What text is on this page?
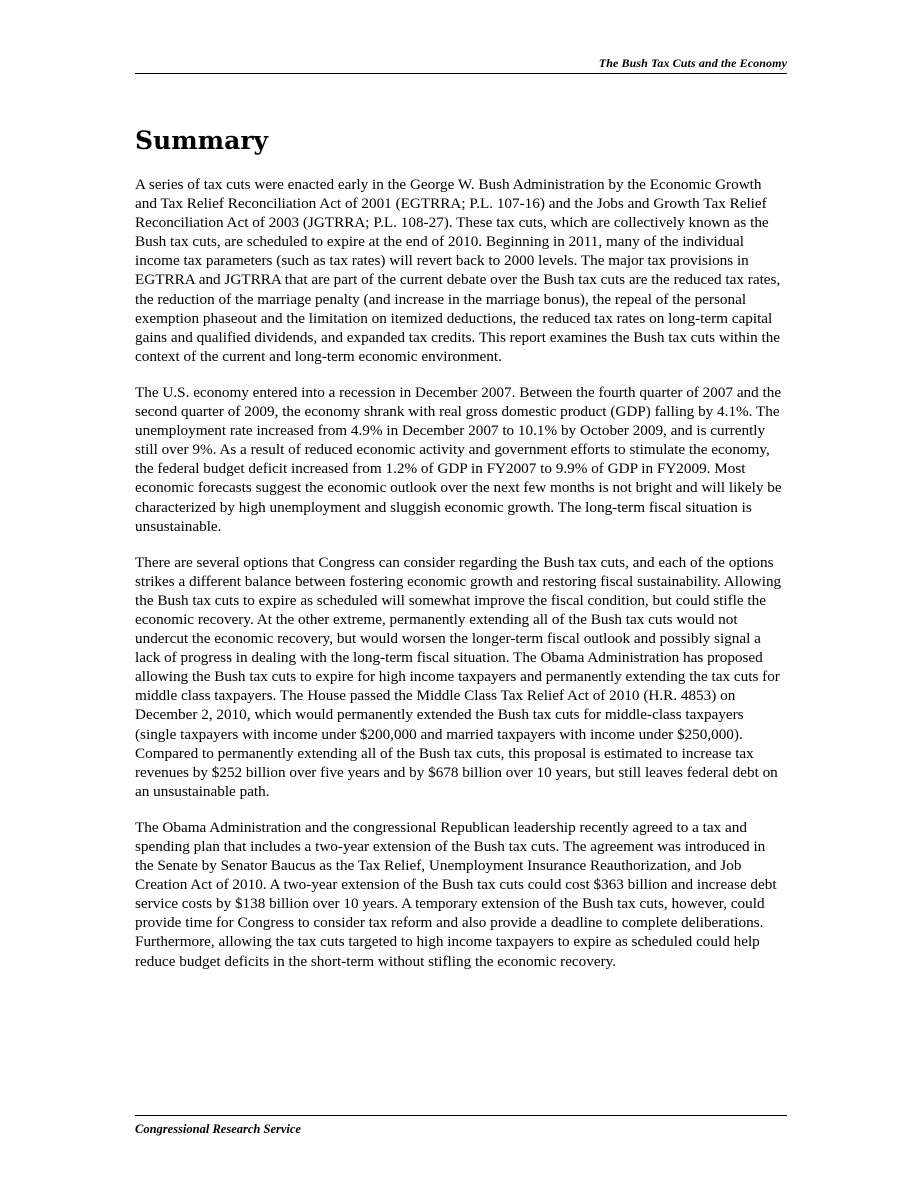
The Bush Tax Cuts and the Economy
Summary

A series of tax cuts were enacted early in the George W. Bush Administration by the Economic Growth and Tax Relief Reconciliation Act of 2001 (EGTRRA; P.L. 107-16) and the Jobs and Growth Tax Relief Reconciliation Act of 2003 (JGTRRA; P.L. 108-27). These tax cuts, which are collectively known as the Bush tax cuts, are scheduled to expire at the end of 2010. Beginning in 2011, many of the individual income tax parameters (such as tax rates) will revert back to 2000 levels. The major tax provisions in EGTRRA and JGTRRA that are part of the current debate over the Bush tax cuts are the reduced tax rates, the reduction of the marriage penalty (and increase in the marriage bonus), the repeal of the personal exemption phaseout and the limitation on itemized deductions, the reduced tax rates on long-term capital gains and qualified dividends, and expanded tax credits. This report examines the Bush tax cuts within the context of the current and long-term economic environment.

The U.S. economy entered into a recession in December 2007. Between the fourth quarter of 2007 and the second quarter of 2009, the economy shrank with real gross domestic product (GDP) falling by 4.1%. The unemployment rate increased from 4.9% in December 2007 to 10.1% by October 2009, and is currently still over 9%. As a result of reduced economic activity and government efforts to stimulate the economy, the federal budget deficit increased from 1.2% of GDP in FY2007 to 9.9% of GDP in FY2009. Most economic forecasts suggest the economic outlook over the next few months is not bright and will likely be characterized by high unemployment and sluggish economic growth. The long-term fiscal situation is unsustainable.

There are several options that Congress can consider regarding the Bush tax cuts, and each of the options strikes a different balance between fostering economic growth and restoring fiscal sustainability. Allowing the Bush tax cuts to expire as scheduled will somewhat improve the fiscal condition, but could stifle the economic recovery. At the other extreme, permanently extending all of the Bush tax cuts would not undercut the economic recovery, but would worsen the longer-term fiscal outlook and possibly signal a lack of progress in dealing with the long-term fiscal situation. The Obama Administration has proposed allowing the Bush tax cuts to expire for high income taxpayers and permanently extending the tax cuts for middle class taxpayers. The House passed the Middle Class Tax Relief Act of 2010 (H.R. 4853) on December 2, 2010, which would permanently extended the Bush tax cuts for middle-class taxpayers (single taxpayers with income under $200,000 and married taxpayers with income under $250,000). Compared to permanently extending all of the Bush tax cuts, this proposal is estimated to increase tax revenues by $252 billion over five years and by $678 billion over 10 years, but still leaves federal debt on an unsustainable path.

The Obama Administration and the congressional Republican leadership recently agreed to a tax and spending plan that includes a two-year extension of the Bush tax cuts. The agreement was introduced in the Senate by Senator Baucus as the Tax Relief, Unemployment Insurance Reauthorization, and Job Creation Act of 2010. A two-year extension of the Bush tax cuts could cost $363 billion and increase debt service costs by $138 billion over 10 years. A temporary extension of the Bush tax cuts, however, could provide time for Congress to consider tax reform and also provide a deadline to complete deliberations. Furthermore, allowing the tax cuts targeted to high income taxpayers to expire as scheduled could help reduce budget deficits in the short-term without stifling the economic recovery.

Congressional Research Service
